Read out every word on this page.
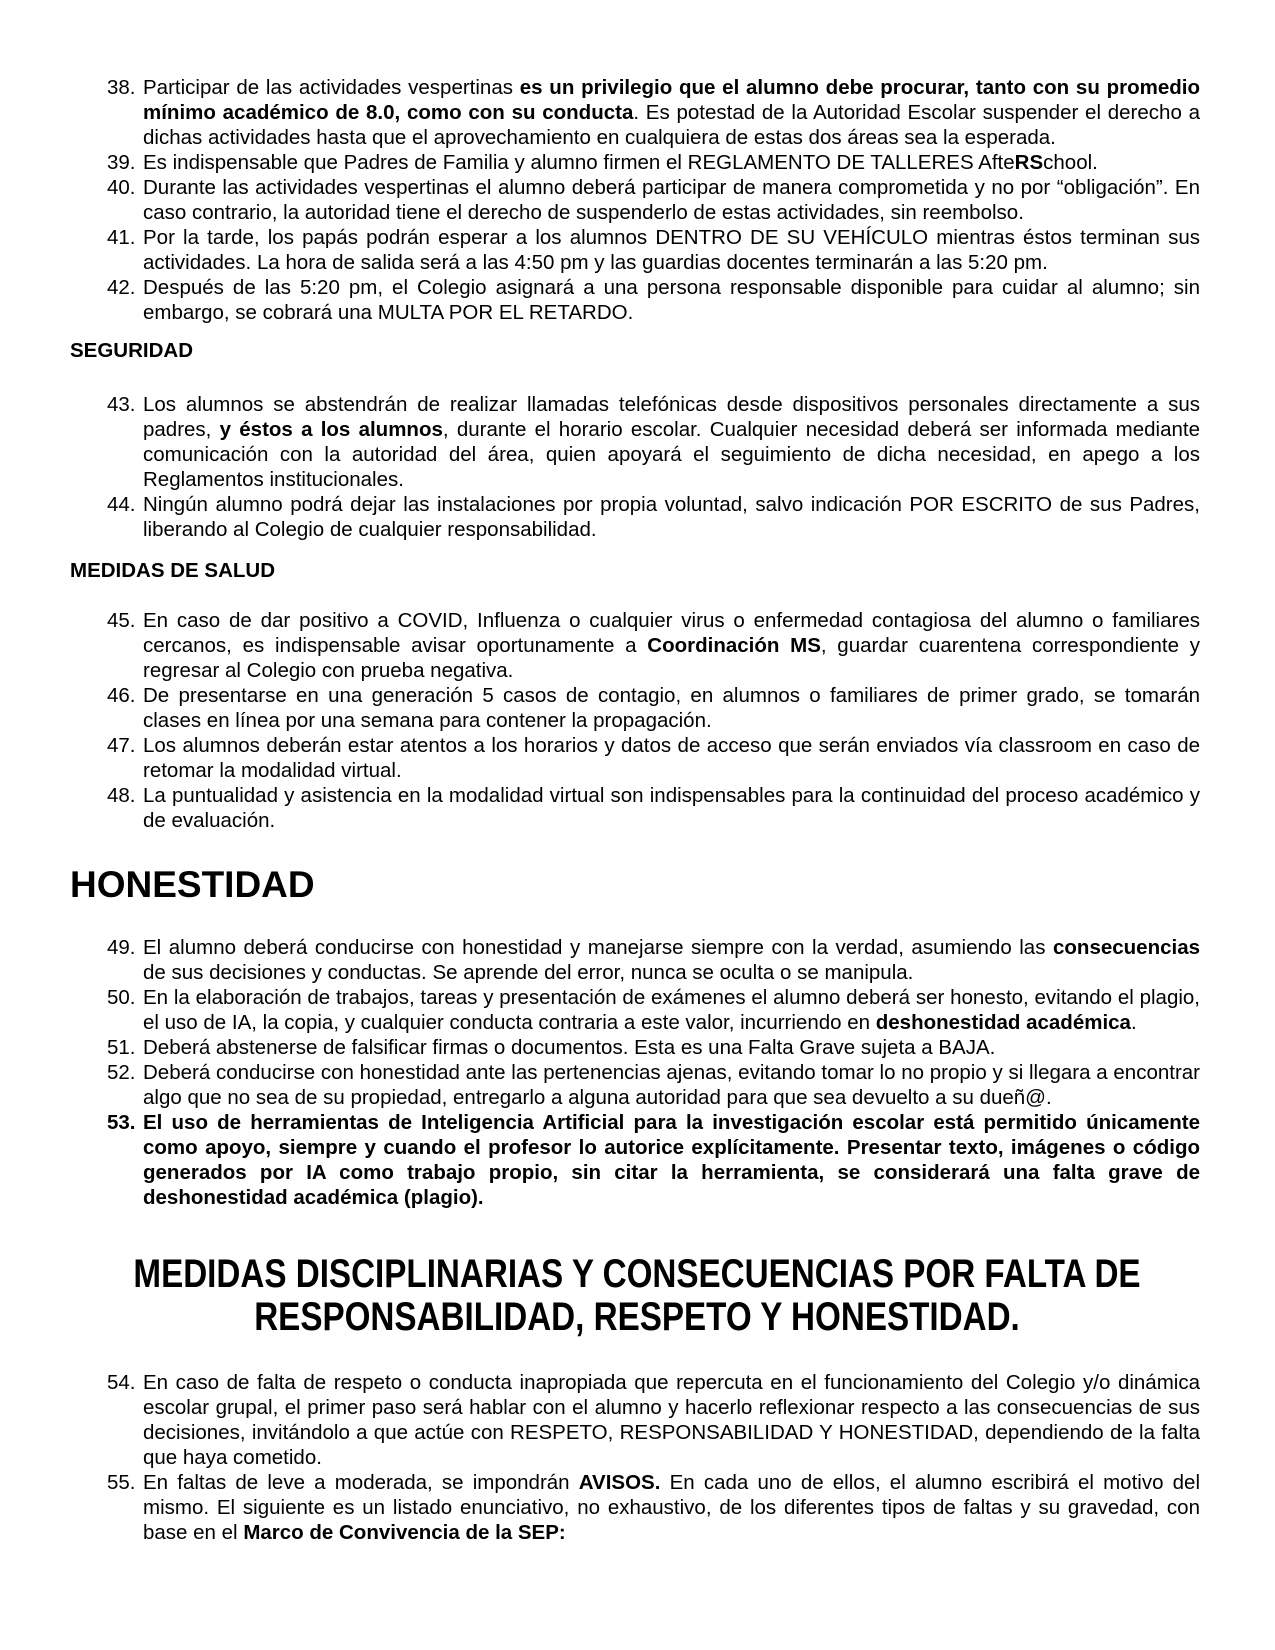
38. Participar de las actividades vespertinas es un privilegio que el alumno debe procurar, tanto con su promedio mínimo académico de 8.0, como con su conducta. Es potestad de la Autoridad Escolar suspender el derecho a dichas actividades hasta que el aprovechamiento en cualquiera de estas dos áreas sea la esperada.
39. Es indispensable que Padres de Familia y alumno firmen el REGLAMENTO DE TALLERES AfteRSchool.
40. Durante las actividades vespertinas el alumno deberá participar de manera comprometida y no por “obligación”. En caso contrario, la autoridad tiene el derecho de suspenderlo de estas actividades, sin reembolso.
41. Por la tarde, los papás podrán esperar a los alumnos DENTRO DE SU VEHÍCULO mientras éstos terminan sus actividades. La hora de salida será a las 4:50 pm y las guardias docentes terminarán a las 5:20 pm.
42. Después de las 5:20 pm, el Colegio asignará a una persona responsable disponible para cuidar al alumno; sin embargo, se cobrará una MULTA POR EL RETARDO.
SEGURIDAD
43. Los alumnos se abstendrán de realizar llamadas telefónicas desde dispositivos personales directamente a sus padres, y éstos a los alumnos, durante el horario escolar. Cualquier necesidad deberá ser informada mediante comunicación con la autoridad del área, quien apoyará el seguimiento de dicha necesidad, en apego a los Reglamentos institucionales.
44. Ningún alumno podrá dejar las instalaciones por propia voluntad, salvo indicación POR ESCRITO de sus Padres, liberando al Colegio de cualquier responsabilidad.
MEDIDAS DE SALUD
45. En caso de dar positivo a COVID, Influenza o cualquier virus o enfermedad contagiosa del alumno o familiares cercanos, es indispensable avisar oportunamente a Coordinación MS, guardar cuarentena correspondiente y regresar al Colegio con prueba negativa.
46. De presentarse en una generación 5 casos de contagio, en alumnos o familiares de primer grado, se tomarán clases en línea por una semana para contener la propagación.
47. Los alumnos deberán estar atentos a los horarios y datos de acceso que serán enviados vía classroom en caso de retomar la modalidad virtual.
48. La puntualidad y asistencia en la modalidad virtual son indispensables para la continuidad del proceso académico y de evaluación.
HONESTIDAD
49. El alumno deberá conducirse con honestidad y manejarse siempre con la verdad, asumiendo las consecuencias de sus decisiones y conductas. Se aprende del error, nunca se oculta o se manipula.
50. En la elaboración de trabajos, tareas y presentación de exámenes el alumno deberá ser honesto, evitando el plagio, el uso de IA, la copia, y cualquier conducta contraria a este valor, incurriendo en deshonestidad académica.
51. Deberá abstenerse de falsificar firmas o documentos. Esta es una Falta Grave sujeta a BAJA.
52. Deberá conducirse con honestidad ante las pertenencias ajenas, evitando tomar lo no propio y si llegara a encontrar algo que no sea de su propiedad, entregarlo a alguna autoridad para que sea devuelto a su dueñ@.
53. El uso de herramientas de Inteligencia Artificial para la investigación escolar está permitido únicamente como apoyo, siempre y cuando el profesor lo autorice explícitamente. Presentar texto, imágenes o código generados por IA como trabajo propio, sin citar la herramienta, se considerará una falta grave de deshonestidad académica (plagio).
MEDIDAS DISCIPLINARIAS Y CONSECUENCIAS POR FALTA DE RESPONSABILIDAD, RESPETO Y HONESTIDAD.
54. En caso de falta de respeto o conducta inapropiada que repercuta en el funcionamiento del Colegio y/o dinámica escolar grupal, el primer paso será hablar con el alumno y hacerlo reflexionar respecto a las consecuencias de sus decisiones, invitándolo a que actúe con RESPETO, RESPONSABILIDAD Y HONESTIDAD, dependiendo de la falta que haya cometido.
55. En faltas de leve a moderada, se impondrán AVISOS. En cada uno de ellos, el alumno escribirá el motivo del mismo. El siguiente es un listado enunciativo, no exhaustivo, de los diferentes tipos de faltas y su gravedad, con base en el Marco de Convivencia de la SEP:
